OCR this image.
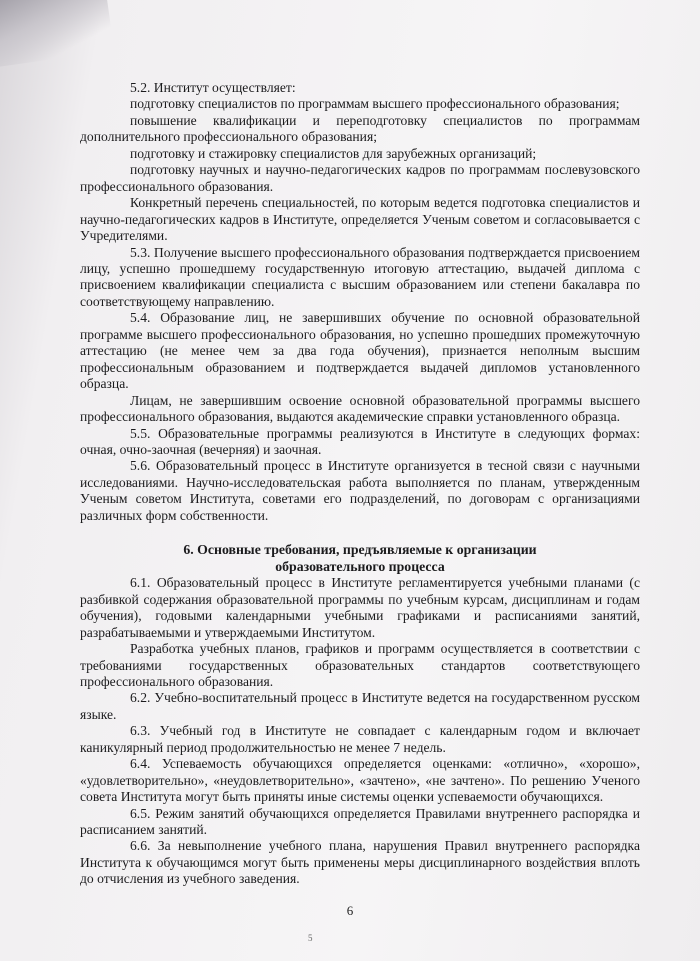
5.2. Институт осуществляет:

подготовку специалистов по программам высшего профессионального образования;

повышение квалификации и переподготовку специалистов по программам дополнительного профессионального образования;

подготовку и стажировку специалистов для зарубежных организаций;

подготовку научных и научно-педагогических кадров по программам послевузовского профессионального образования.

Конкретный перечень специальностей, по которым ведется подготовка специалистов и научно-педагогических кадров в Институте, определяется Ученым советом и согласовывается с Учредителями.

5.3. Получение высшего профессионального образования подтверждается присвоением лицу, успешно прошедшему государственную итоговую аттестацию, выдачей диплома с присвоением квалификации специалиста с высшим образованием или степени бакалавра по соответствующему направлению.

5.4. Образование лиц, не завершивших обучение по основной образовательной программе высшего профессионального образования, но успешно прошедших промежуточную аттестацию (не менее чем за два года обучения), признается неполным высшим профессиональным образованием и подтверждается выдачей дипломов установленного образца.

Лицам, не завершившим освоение основной образовательной программы высшего профессионального образования, выдаются академические справки установленного образца.

5.5. Образовательные программы реализуются в Институте в следующих формах: очная, очно-заочная (вечерняя) и заочная.

5.6. Образовательный процесс в Институте организуется в тесной связи с научными исследованиями. Научно-исследовательская работа выполняется по планам, утвержденным Ученым советом Института, советами его подразделений, по договорам с организациями различных форм собственности.

6. Основные требования, предъявляемые к организации
образовательного процесса

6.1. Образовательный процесс в Институте регламентируется учебными планами (с разбивкой содержания образовательной программы по учебным курсам, дисциплинам и годам обучения), годовыми календарными учебными графиками и расписаниями занятий, разрабатываемыми и утверждаемыми Институтом.

Разработка учебных планов, графиков и программ осуществляется в соответствии с требованиями государственных образовательных стандартов соответствующего профессионального образования.

6.2. Учебно-воспитательный процесс в Институте ведется на государственном русском языке.

6.3. Учебный год в Институте не совпадает с календарным годом и включает каникулярный период продолжительностью не менее 7 недель.

6.4. Успеваемость обучающихся определяется оценками: «отлично», «хорошо», «удовлетворительно», «неудовлетворительно», «зачтено», «не зачтено». По решению Ученого совета Института могут быть приняты иные системы оценки успеваемости обучающихся.

6.5. Режим занятий обучающихся определяется Правилами внутреннего распорядка и расписанием занятий.

6.6. За невыполнение учебного плана, нарушения Правил внутреннего распорядка Института к обучающимся могут быть применены меры дисциплинарного воздействия вплоть до отчисления из учебного заведения.

6
5
